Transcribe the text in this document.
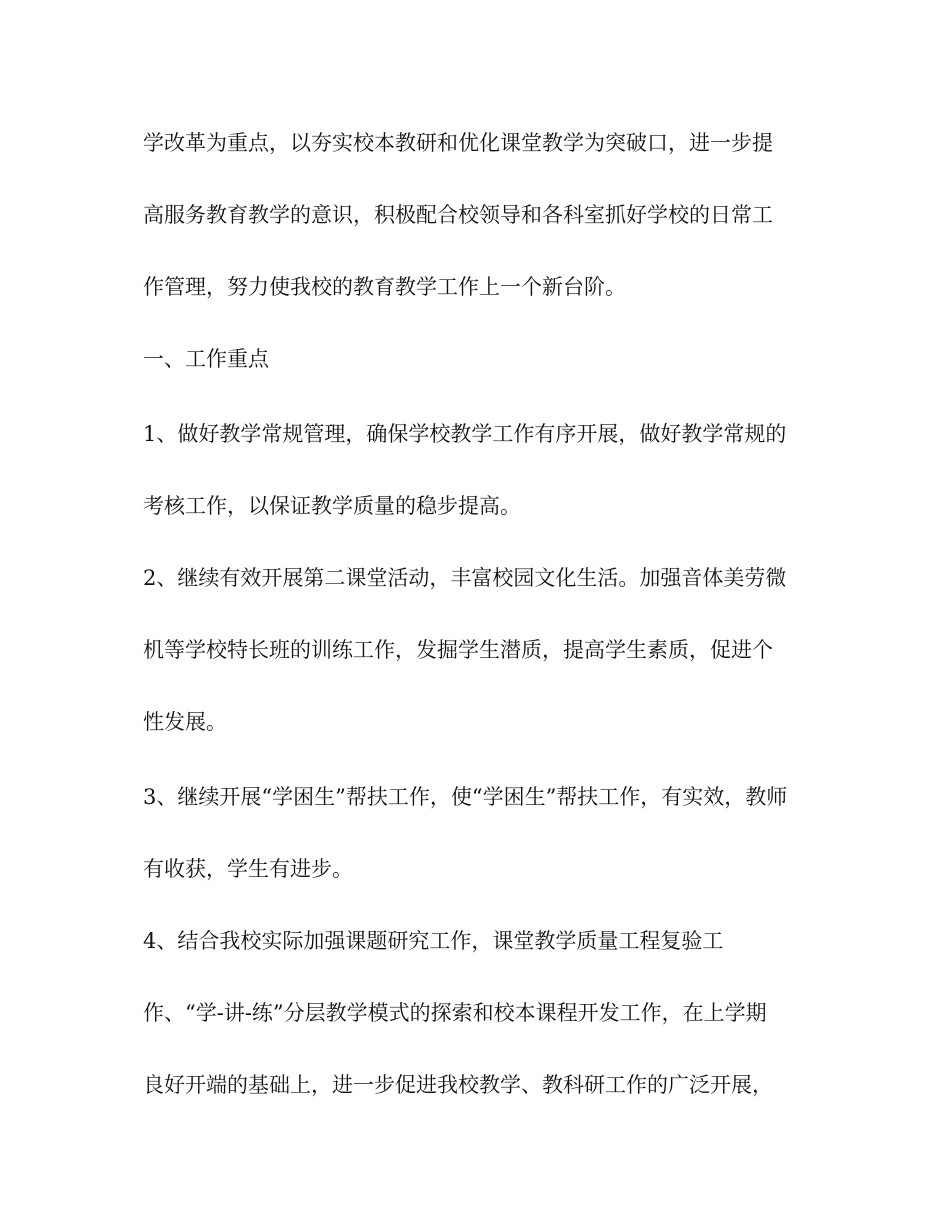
学改革为重点，以夯实校本教研和优化课堂教学为突破口，进一步提

高服务教育教学的意识，积极配合校领导和各科室抓好学校的日常工

作管理，努力使我校的教育教学工作上一个新台阶。

一、工作重点

1、做好教学常规管理，确保学校教学工作有序开展，做好教学常规的

考核工作，以保证教学质量的稳步提高。

2、继续有效开展第二课堂活动，丰富校园文化生活。加强音体美劳微

机等学校特长班的训练工作，发掘学生潜质，提高学生素质，促进个

性发展。

3、继续开展“学困生”帮扶工作，使“学困生”帮扶工作，有实效，教师

有收获，学生有进步。

4、结合我校实际加强课题研究工作，课堂教学质量工程复验工

作、“学-讲-练”分层教学模式的探索和校本课程开发工作，在上学期

良好开端的基础上，进一步促进我校教学、教科研工作的广泛开展，
